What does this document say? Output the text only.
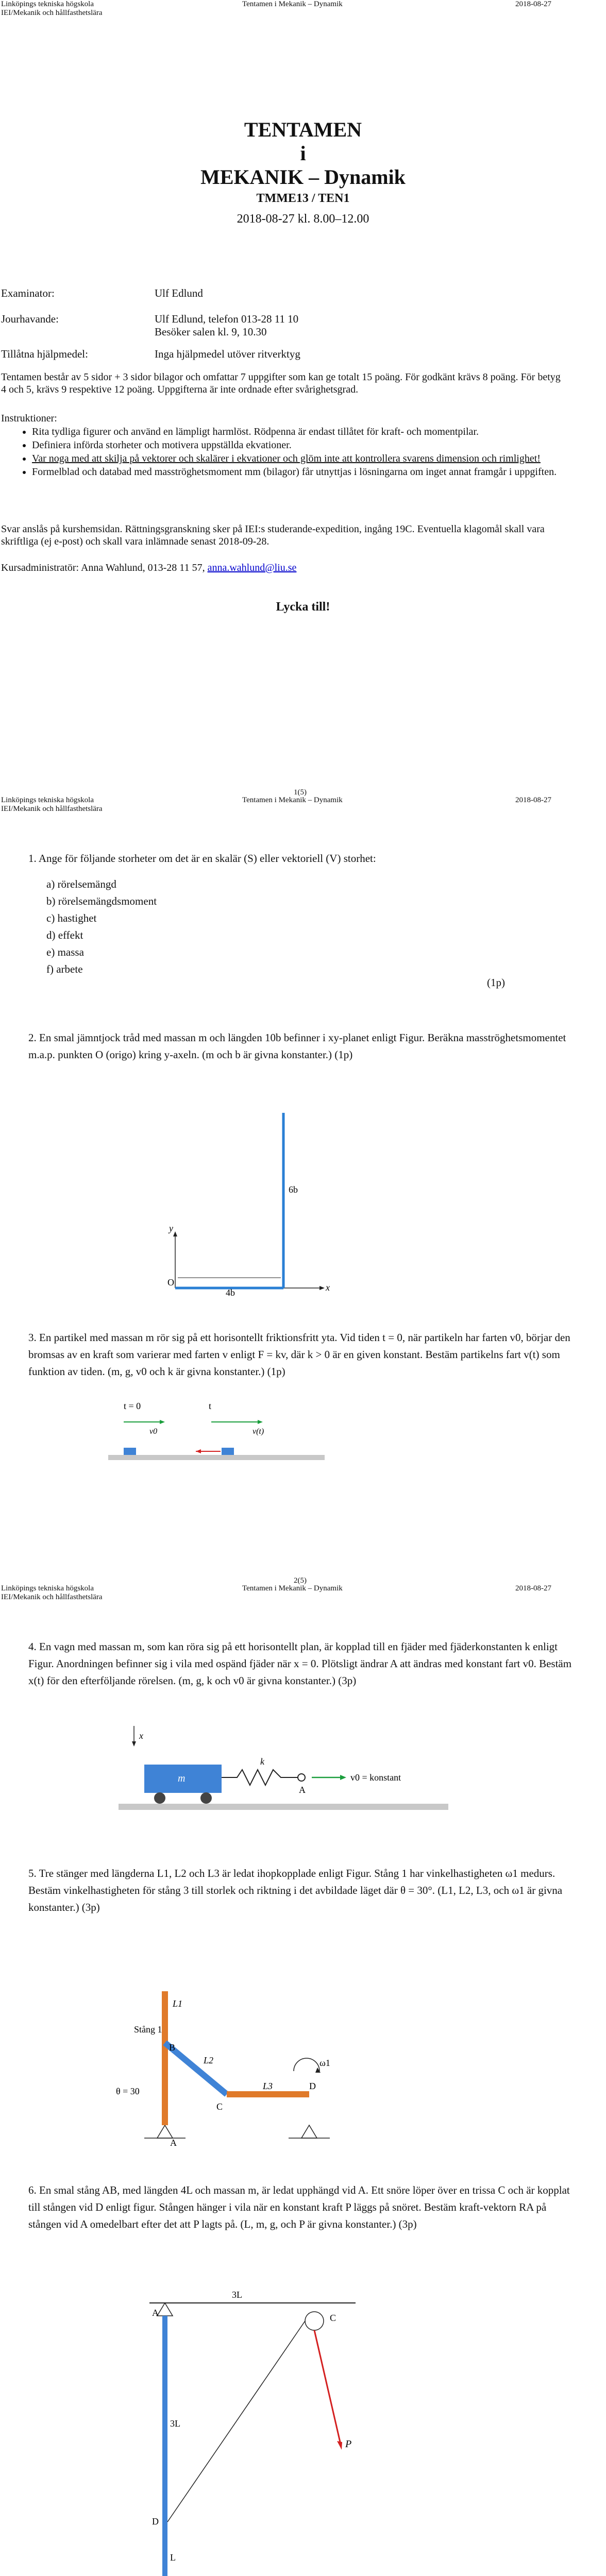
Linköpings tekniska högskola
IEI/Mekanik och hållfasthetslära
Tentamen i Mekanik – Dynamik	2018-08-27
TENTAMEN
i
MEKANIK – Dynamik
TMME13 / TEN1
2018-08-27 kl. 8.00–12.00
Examinator:	Ulf Edlund
Jourhavande:	Ulf Edlund, telefon 013-28 11 10
Besöker salen kl. 9, 10.30
Tillåtna hjälpmedel:	Inga hjälpmedel utöver ritverktyg
Tentamen består av 5 sidor + 3 sidor bilagor och omfattar 7 uppgifter som kan ge totalt 15 poäng. För godkänt krävs 8 poäng. För betyg 4 och 5, krävs 9 respektive 12 poäng. Uppgifterna är inte ordnade efter svårighetsgrad.
Instruktioner:
• Rita tydliga figurer och använd en lämpligt harmlöst. Rödpenna är endast tillåtet för kraft- och momentpilar.
• Definiera införda storheter och motivera uppställda ekvationer.
• Var noga med att skilja på vektorer och skalärer i ekvationer och glöm inte att kontrollera svarens dimension och rimlighet!
• Formelblad och databad med masströghetsmoment mm (bilagor) får utnyttjas i lösningarna om inget annat framgår i uppgiften.
Svar anslås på kurshemsidan. Rättningsgranskning sker på IEI:s studerande-expedition, ingång 19C. Eventuella klagomål skall vara skriftliga (ej e-post) och skall vara inlämnade senast 2018-09-28.
Kursadministratör: Anna Wahlund, 013-28 11 57, anna.wahlund@liu.se
Lycka till!
1(5)
Linköpings tekniska högskola
IEI/Mekanik och hållfasthetslära
Tentamen i Mekanik – Dynamik	2018-08-27
1. Ange för följande storheter om det är en skalär (S) eller vektoriell (V) storhet:
a) rörelsemängd
b) rörelsemängdsmoment
c) hastighet
d) effekt
e) massa
f) arbete
(1p)
2. En smal jämntjock tråd med massan m och längden 10b befinner i xy-planet enligt Figur. Beräkna masströghetsmomentet m.a.p. punkten O (origo) kring y-axeln. (m och b är givna konstanter.) (1p)
4b
6b
O	x
y
3. En partikel med massan m rör sig på ett horisontellt friktionsfritt yta. Vid tiden t = 0, när partikeln har farten v0, börjar den bromsas av en kraft som varierar med farten v enligt F = kv, där k > 0 är en given konstant. Bestäm partikelns fart v(t) som funktion av tiden. (m, g, v0 och k är givna konstanter.) (1p)
t = 0	t
v0	v(t)
2(5)
Linköpings tekniska högskola
IEI/Mekanik och hållfasthetslära
Tentamen i Mekanik – Dynamik	2018-08-27
4. En vagn med massan m, som kan röra sig på ett horisontellt plan, är kopplad till en fjäder med fjäderkonstanten k enligt Figur. Anordningen befinner sig i vila med ospänd fjäder när x = 0. Plötsligt ändrar A att ändras med konstant fart v0. Bestäm x(t) för den efterföljande rörelsen. (m, g, k och v0 är givna konstanter.) (3p)
x
m
k
A
v0 = konstant
5. Tre stänger med längderna L1, L2 och L3 är ledat ihopkopplade enligt Figur. Stång 1 har vinkelhastigheten ω1 medurs. Bestäm vinkelhastigheten för stång 3 till storlek och riktning i det avbildade läget där θ = 30°. (L1, L2, L3, och ω1 är givna konstanter.) (3p)
Stång 1
L1
L2
L3
B
C
D
A
θ = 30
ω1
6. En smal stång AB, med längden 4L och massan m, är ledat upphängd vid A. Ett snöre löper över en trissa C och är kopplat till stången vid D enligt figur. Stången hänger i vila när en konstant kraft P läggs på snöret. Bestäm kraft-vektorn RA på stången vid A omedelbart efter det att P lagts på. (L, m, g, och P är givna konstanter.) (3p)
A
D
C
P
3L
3L
L
